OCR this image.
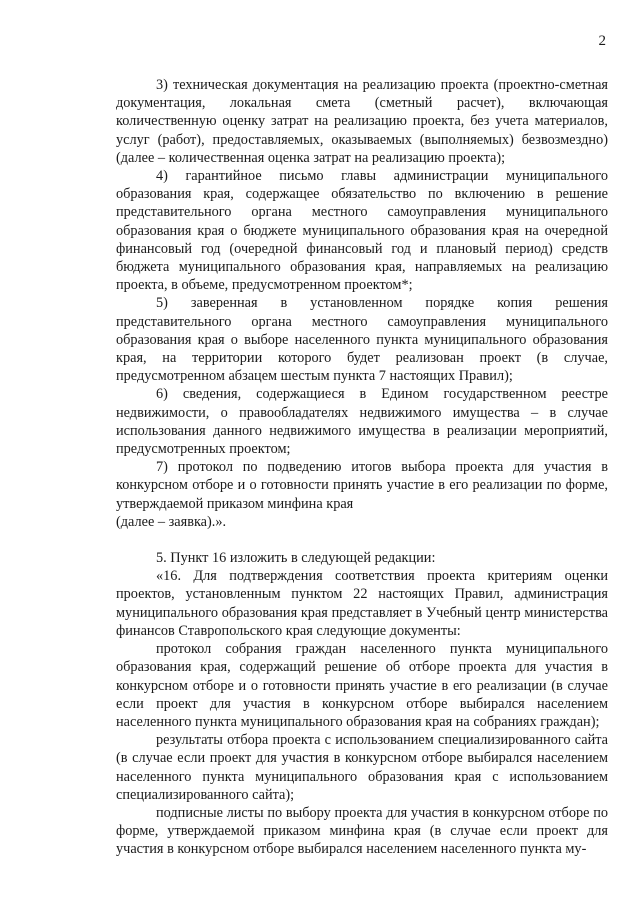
2

3) техническая документация на реализацию проекта (проектно-сметная документация, локальная смета (сметный расчет), включающая количественную оценку затрат на реализацию проекта, без учета материалов, услуг (работ), предоставляемых, оказываемых (выполняемых) безвозмездно) (далее – количественная оценка затрат на реализацию проекта);

4) гарантийное письмо главы администрации муниципального образования края, содержащее обязательство по включению в решение представительного органа местного самоуправления муниципального образования края о бюджете муниципального образования края на очередной финансовый год (очередной финансовый год и плановый период) средств бюджета муниципального образования края, направляемых на реализацию проекта, в объеме, предусмотренном проектом*;

5) заверенная в установленном порядке копия решения представительного органа местного самоуправления муниципального образования края о выборе населенного пункта муниципального образования края, на территории которого будет реализован проект (в случае, предусмотренном абзацем шестым пункта 7 настоящих Правил);

6) сведения, содержащиеся в Едином государственном реестре недвижимости, о правообладателях недвижимого имущества – в случае использования данного недвижимого имущества в реализации мероприятий, предусмотренных проектом;

7) протокол по подведению итогов выбора проекта для участия в конкурсном отборе и о готовности принять участие в его реализации по форме, утверждаемой приказом минфина края

(далее – заявка).».

5. Пункт 16 изложить в следующей редакции:

«16. Для подтверждения соответствия проекта критериям оценки проектов, установленным пунктом 22 настоящих Правил, администрация муниципального образования края представляет в Учебный центр министерства финансов Ставропольского края следующие документы:

протокол собрания граждан населенного пункта муниципального образования края, содержащий решение об отборе проекта для участия в конкурсном отборе и о готовности принять участие в его реализации (в случае если проект для участия в конкурсном отборе выбирался населением населенного пункта муниципального образования края на собраниях граждан);

результаты отбора проекта с использованием специализированного сайта (в случае если проект для участия в конкурсном отборе выбирался населением населенного пункта муниципального образования края с использованием специализированного сайта);

подписные листы по выбору проекта для участия в конкурсном отборе по форме, утверждаемой приказом минфина края (в случае если проект для участия в конкурсном отборе выбирался населением населенного пункта му-
